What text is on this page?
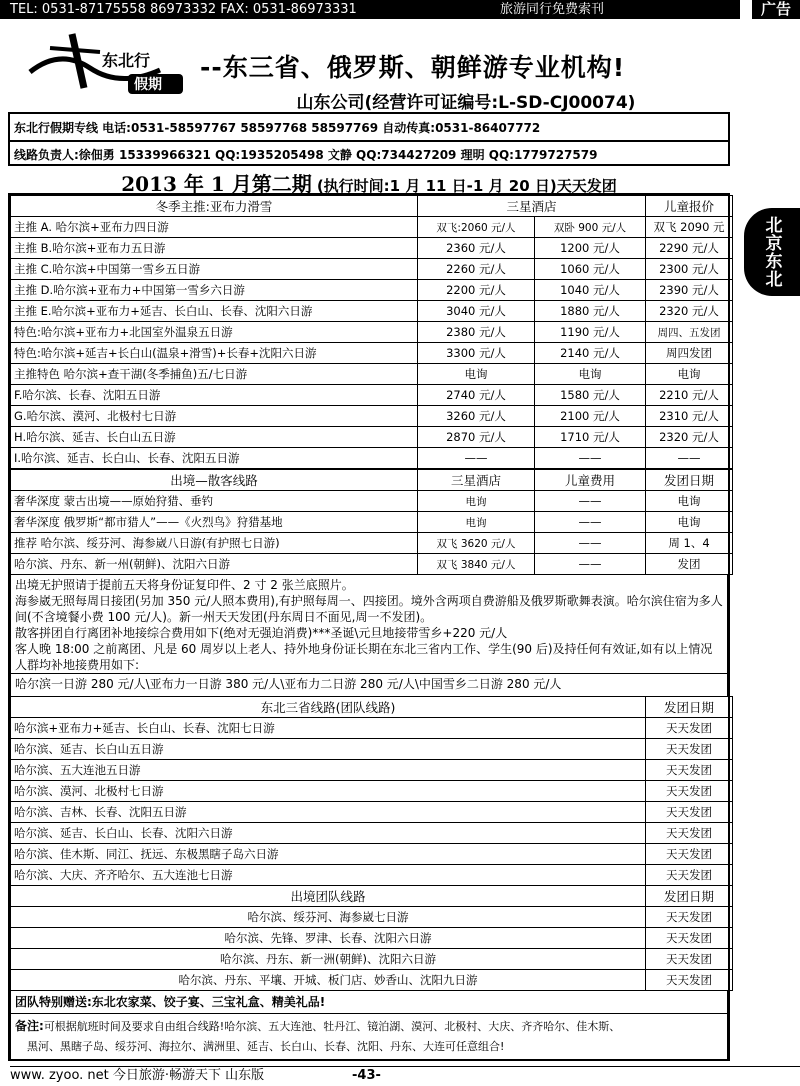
TEL: 0531-87175558 86973332 FAX: 0531-86973331	旅游同行免费索刊	广告
北京东北
东北行
假期
--东三省、俄罗斯、朝鲜游专业机构!
山东公司(经营许可证编号:L-SD-CJ00074)
东北行假期专线 电话:0531-58597767 58597768 58597769 自动传真:0531-86407772
线路负责人:徐佃勇 15339966321 QQ:1935205498 文静 QQ:734427209 理明 QQ:1779727579
2013 年 1 月第二期 (执行时间:1 月 11 日-1 月 20 日)天天发团
冬季主推:亚布力滑雪	三星酒店		儿童报价
主推 A. 哈尔滨+亚布力四日游	双飞:2060 元/人	双卧 900 元/人	双飞 2090 元
主推 B.哈尔滨+亚布力五日游	2360 元/人	1200 元/人	2290 元/人
主推 C.哈尔滨+中国第一雪乡五日游	2260 元/人	1060 元/人	2300 元/人
主推 D.哈尔滨+亚布力+中国第一雪乡六日游	2200 元/人	1040 元/人	2390 元/人
主推 E.哈尔滨+亚布力+延吉、长白山、长春、沈阳六日游	3040 元/人	1880 元/人	2320 元/人
特色:哈尔滨+亚布力+北国室外温泉五日游	2380 元/人	1190 元/人	周四、五发团
特色:哈尔滨+延吉+长白山(温泉+滑雪)+长春+沈阳六日游	3300 元/人	2140 元/人	周四发团
主推特色 哈尔滨+查干湖(冬季捕鱼)五/七日游	电询	电询	电询
F.哈尔滨、长春、沈阳五日游	2740 元/人	1580 元/人	2210 元/人
G.哈尔滨、漠河、北极村七日游	3260 元/人	2100 元/人	2310 元/人
H.哈尔滨、延吉、长白山五日游	2870 元/人	1710 元/人	2320 元/人
I.哈尔滨、延吉、长白山、长春、沈阳五日游	——	——	——
出境—散客线路	三星酒店	儿童费用	发团日期
奢华深度 蒙古出境——原始狩猎、垂钓	电询	——	电询
奢华深度 俄罗斯“都市猎人”——《火烈鸟》狩猎基地	电询	——	电询
推荐 哈尔滨、绥芬河、海参崴八日游(有护照七日游)	双飞 3620 元/人	——	周 1、4
哈尔滨、丹东、新一州(朝鲜)、沈阳六日游	双飞 3840 元/人	——	发团

出境无护照请于提前五天将身份证复印件、2 寸 2 张兰底照片。

海参崴无照每周日接团(另加 350 元/人照本费用),有护照每周一、四接团。境外含两项自费游船及俄罗斯歌舞表演。哈尔滨住宿为多人间(不含境餐小费 100 元/人)。新一州天天发团(丹东周日不面见,周一不发团)。

散客拼团自行离团补地接综合费用如下(绝对无强迫消费)***圣诞\元旦地接带雪乡+220 元/人

客人晚 18:00 之前离团、凡是 60 周岁以上老人、持外地身份证长期在东北三省内工作、学生(90 后)及持任何有效证,如有以上情况人群均补地接费用如下:

哈尔滨一日游 280 元/人\亚布力一日游 380 元/人\亚布力二日游 280 元/人\中国雪乡二日游 280 元/人

东北三省线路(团队线路)	发团日期
哈尔滨+亚布力+延吉、长白山、长春、沈阳七日游	天天发团
哈尔滨、延吉、长白山五日游	天天发团
哈尔滨、五大连池五日游	天天发团
哈尔滨、漠河、北极村七日游	天天发团
哈尔滨、吉林、长春、沈阳五日游	天天发团
哈尔滨、延吉、长白山、长春、沈阳六日游	天天发团
哈尔滨、佳木斯、同江、抚远、东极黑瞎子岛六日游	天天发团
哈尔滨、大庆、齐齐哈尔、五大连池七日游	天天发团
出境团队线路	发团日期
哈尔滨、绥芬河、海参崴七日游	天天发团
哈尔滨、先锋、罗津、长春、沈阳六日游	天天发团
哈尔滨、丹东、新一洲(朝鲜)、沈阳六日游	天天发团
哈尔滨、丹东、平壤、开城、板门店、妙香山、沈阳九日游	天天发团

团队特别赠送:东北农家菜、饺子宴、三宝礼盒、精美礼品!

备注:可根据航班时间及要求自由组合线路!哈尔滨、五大连池、牡丹江、镜泊湖、漠河、北极村、大庆、齐齐哈尔、佳木斯、

黑河、黑瞎子岛、绥芬河、海拉尔、满洲里、延吉、长白山、长春、沈阳、丹东、大连可任意组合!

www. zyoo. net 今日旅游·畅游天下 山东版	-43-
